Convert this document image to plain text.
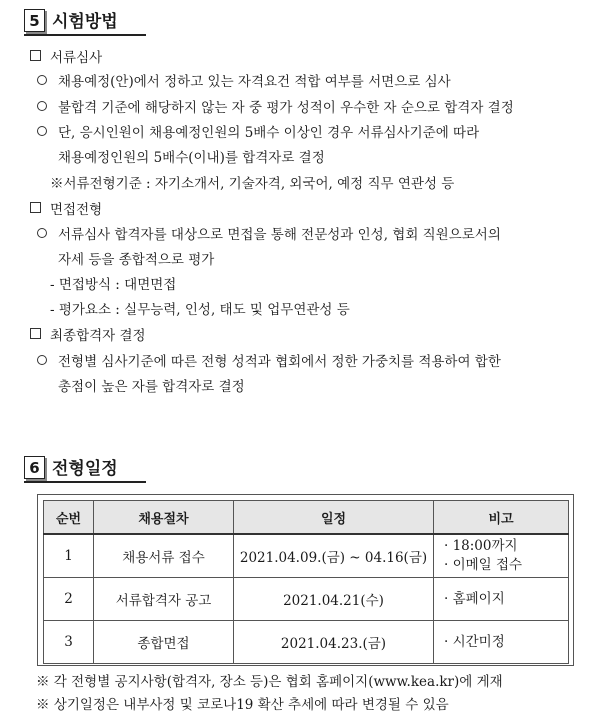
5 시험방법
서류심사
채용예정(안)에서 정하고 있는 자격요건 적합 여부를 서면으로 심사
불합격 기준에 해당하지 않는 자 중 평가 성적이 우수한 자 순으로 합격자 결정
단, 응시인원이 채용예정인원의 5배수 이상인 경우 서류심사기준에 따라
채용예정인원의 5배수(이내)를 합격자로 결정
※서류전형기준 : 자기소개서, 기술자격, 외국어, 예정 직무 연관성 등
면접전형
서류심사 합격자를 대상으로 면접을 통해 전문성과 인성, 협회 직원으로서의
자세 등을 종합적으로 평가
- 면접방식 : 대면면접
- 평가요소 : 실무능력, 인성, 태도 및 업무연관성 등
최종합격자 결정
전형별 심사기준에 따른 전형 성적과 협회에서 정한 가중치를 적용하여 합한
총점이 높은 자를 합격자로 결정
6 전형일정
순번	채용절차	일정	비고
1	채용서류 접수	2021.04.09.(금) ~ 04.16(금)	· 18:00까지
· 이메일 접수

2	서류합격자 공고	2021.04.21(수)	· 홈페이지

3	종합면접	2021.04.23.(금)	· 시간미정
※ 각 전형별 공지사항(합격자, 장소 등)은 협회 홈페이지(www.kea.kr)에 게재
※ 상기일정은 내부사정 및 코로나19 확산 추세에 따라 변경될 수 있음
